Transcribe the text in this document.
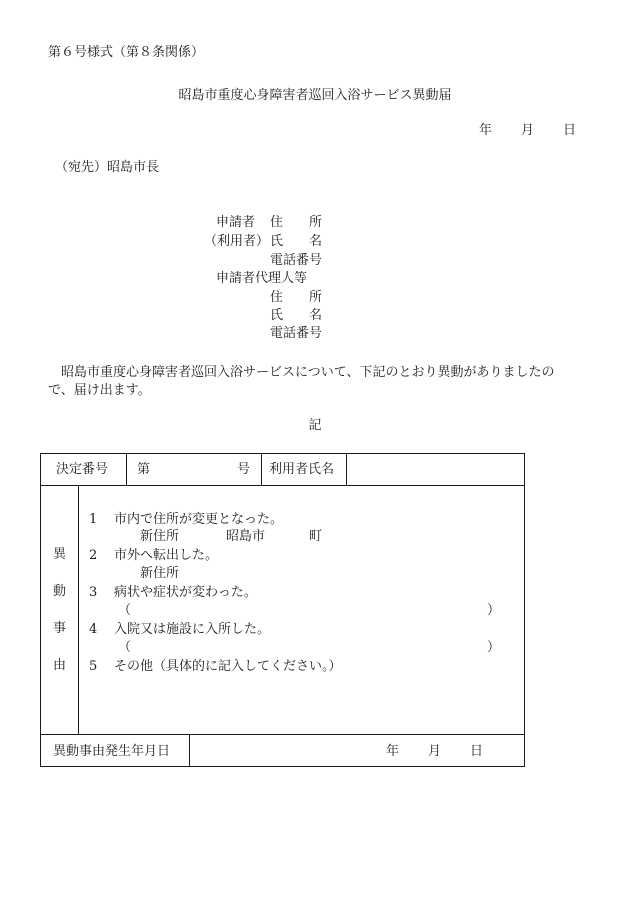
第６号様式（第８条関係）
昭島市重度心身障害者巡回入浴サービス異動届
年 月 日
（宛先）昭島市長
申請者 住　　所
（利用者） 氏　　名
電話番号
申請者代理人等
住　　所
氏　　名
電話番号
昭島市重度心身障害者巡回入浴サービスについて、下記のとおり異動がありましたので、届け出ます。
記
決定番号 第	号 利用者氏名
異
動
事
由
1 市内で住所が変更となった。
新住所	昭島市	町
2 市外へ転出した。
新住所
3 病状や症状が変わった。
（	）
4 入院又は施設に入所した。
（	）
5 その他（具体的に記入してください。）
異動事由発生年月日	年 月 日
